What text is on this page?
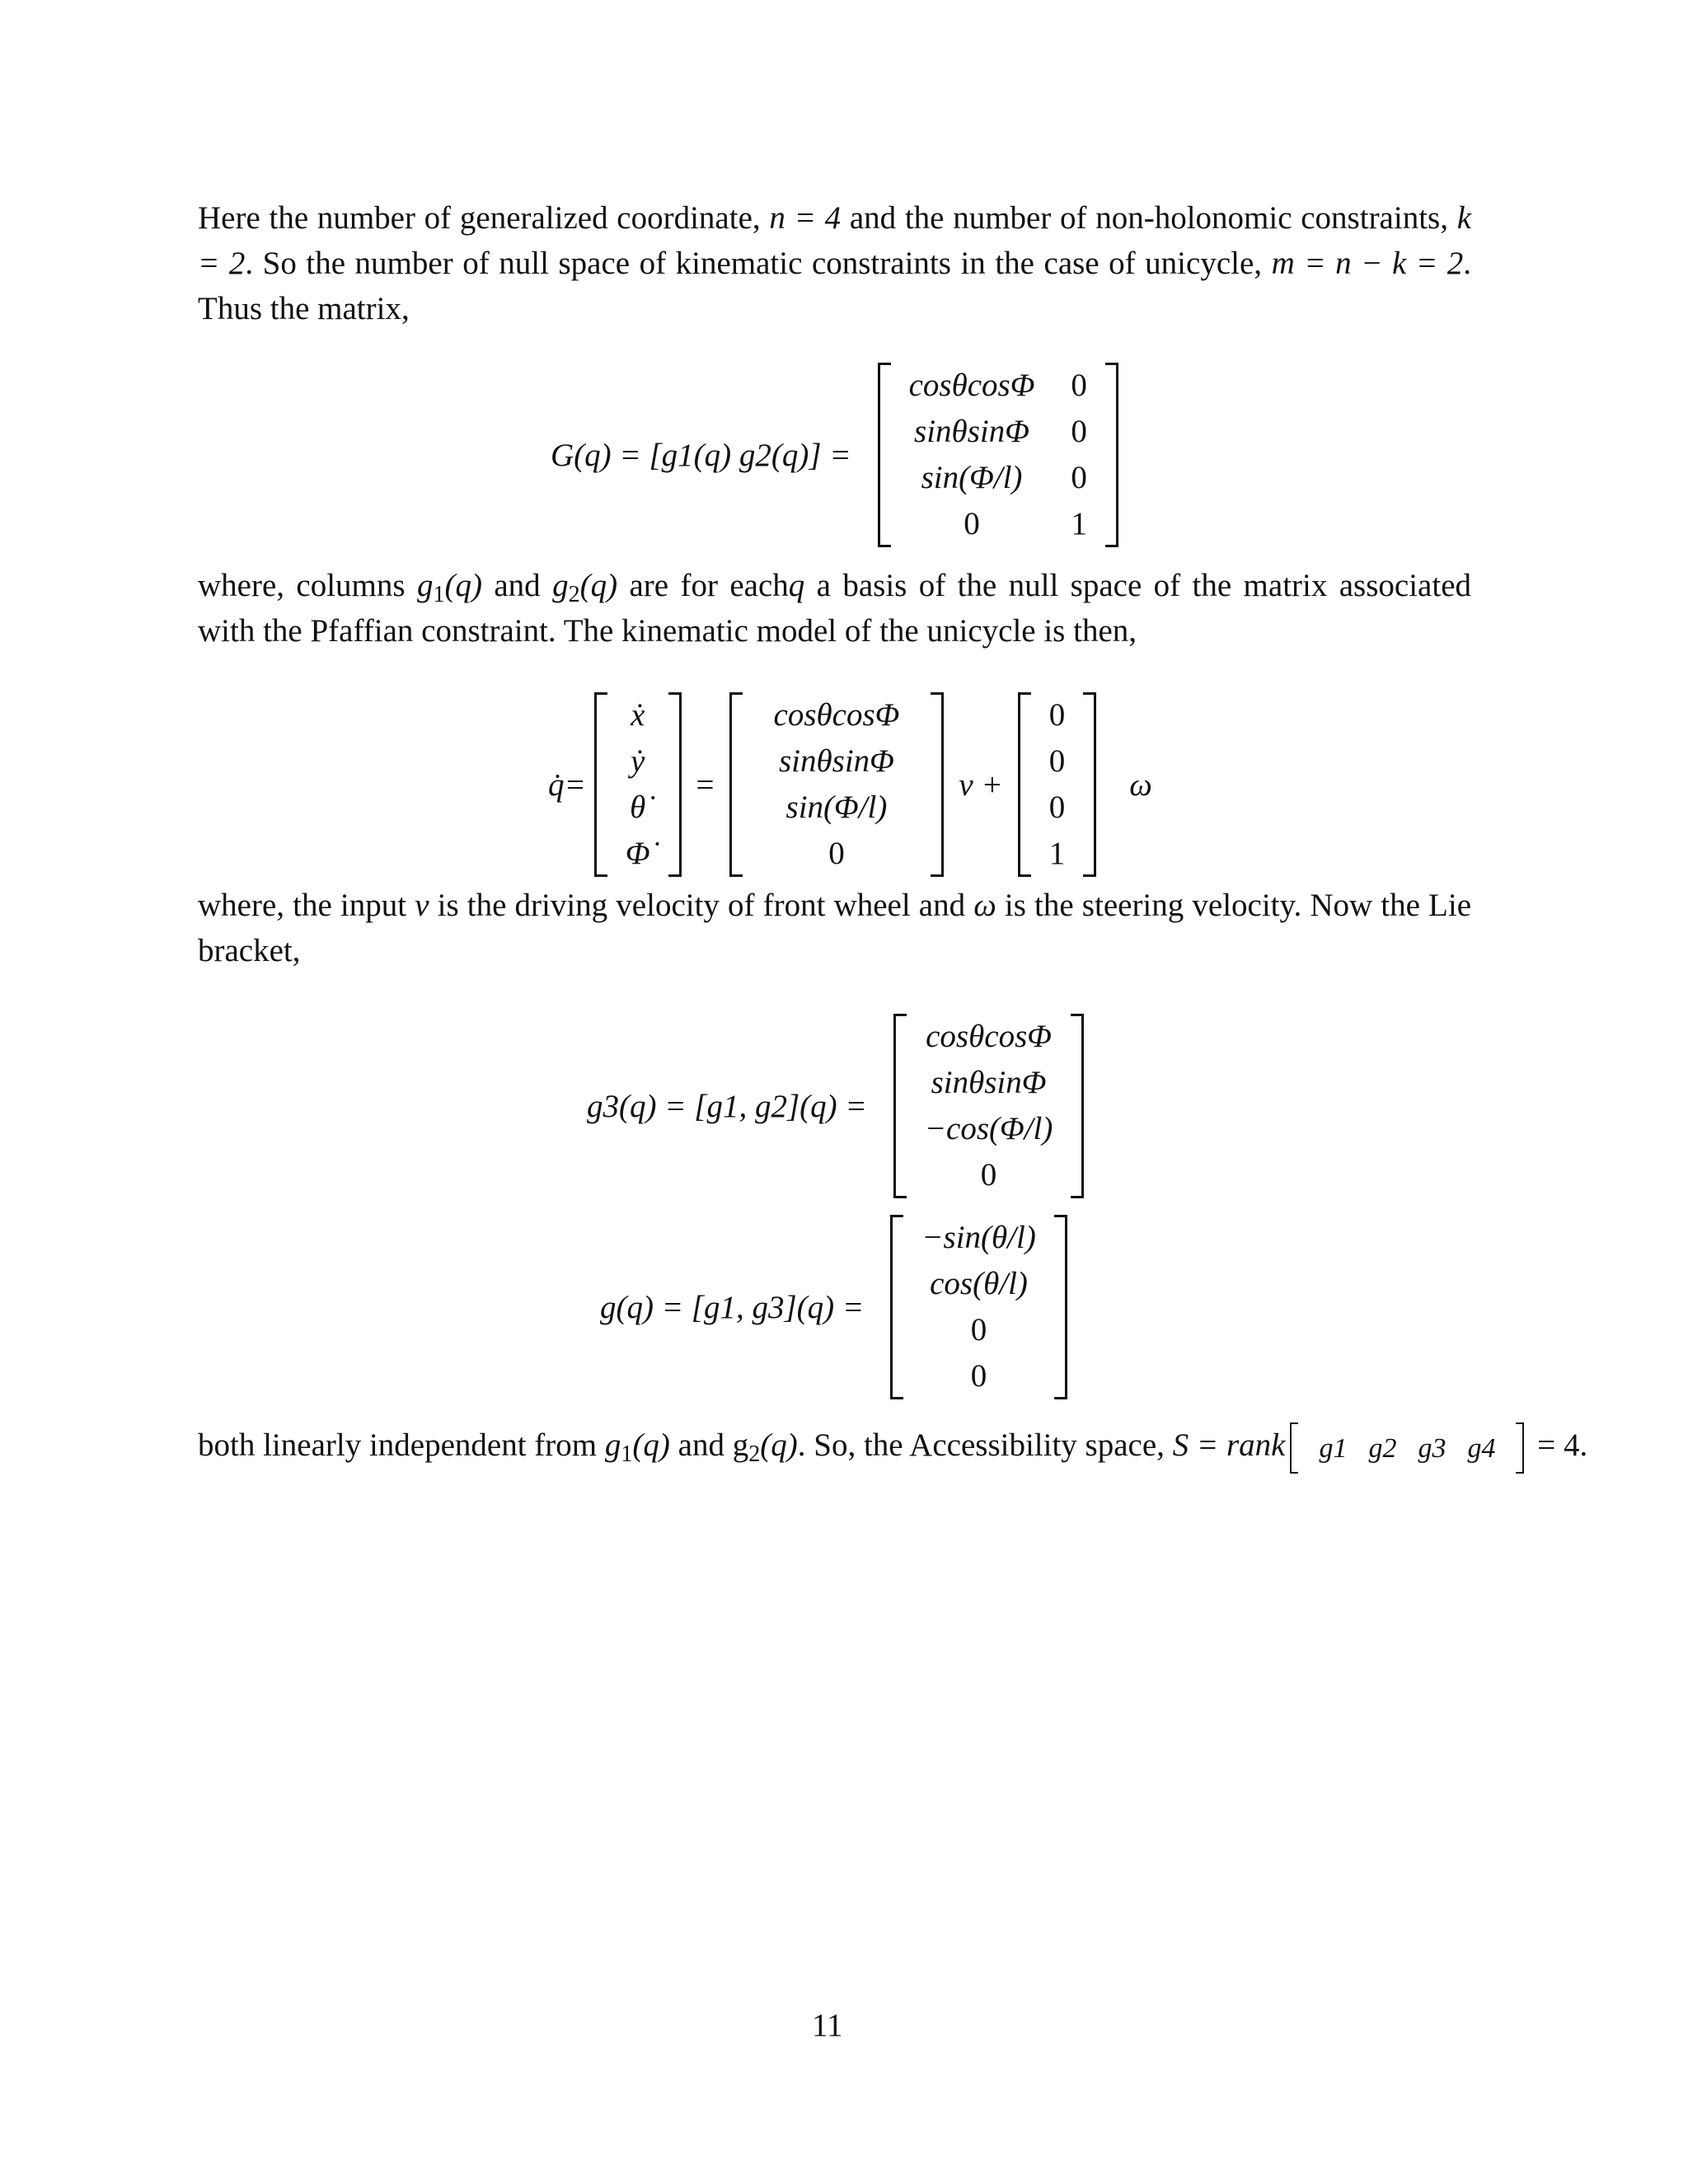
Here the number of generalized coordinate, n = 4 and the number of non-holonomic constraints, k = 2. So the number of null space of kinematic constraints in the case of unicycle, m = n − k = 2. Thus the matrix,
G(q) = [g1(q) g2(q)] =
cosθcosΦ
sinθsinΦ
sin(Φ/l)
0
0
0
0
1
where, columns $g_1(q)$ and $g_2(q)$ are for eachq a basis of the null space of the matrix associated with the Pfaffian constraint. The kinematic model of the unicycle is then,
q̇=
ẋ
ẏ
θ̇
Φ̇
=
cosθcosΦ
sinθsinΦ
sin(Φ/l)
0
v +
0
0
0
1
ω
where, the input v is the driving velocity of front wheel and ω is the steering velocity. Now the Lie bracket,
g3(q) = [g1, g2](q) =
cosθcosΦ
sinθsinΦ
−cos(Φ/l)
0
g(q) = [g1, g3](q) =
−sin(θ/l)
cos(θ/l)
0
0
both linearly independent from $g_1(q)$ and $g_2(q)$. So, the Accessibility space, S = rank g1 g2 g3 g4 = 4.
11
